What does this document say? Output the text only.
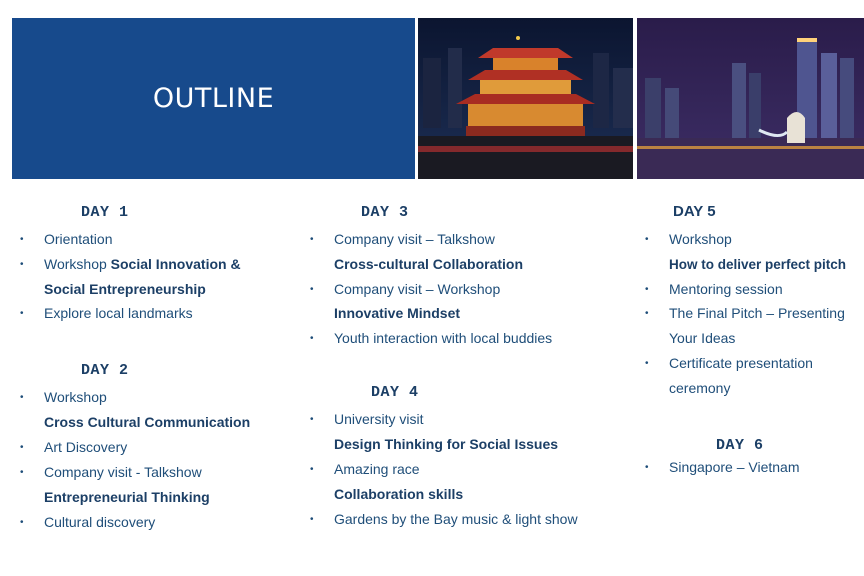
OUTLINE
DAY 1
• Orientation
• Workshop Social Innovation &
Social Entrepreneurship
• Explore local landmarks
DAY 2
• Workshop
Cross Cultural Communication
• Art Discovery
• Company visit - Talkshow
Entrepreneurial Thinking
• Cultural discovery
DAY 3
• Company visit – Talkshow
Cross-cultural Collaboration
• Company visit – Workshop
Innovative Mindset
• Youth interaction with local buddies
DAY 4
• University visit
Design Thinking for Social Issues
• Amazing race
Collaboration skills
• Gardens by the Bay music & light show
DAY 5
• Workshop
How to deliver perfect pitch
• Mentoring session
• The Final Pitch – Presenting
Your Ideas
• Certificate presentation
ceremony
DAY 6
• Singapore – Vietnam
